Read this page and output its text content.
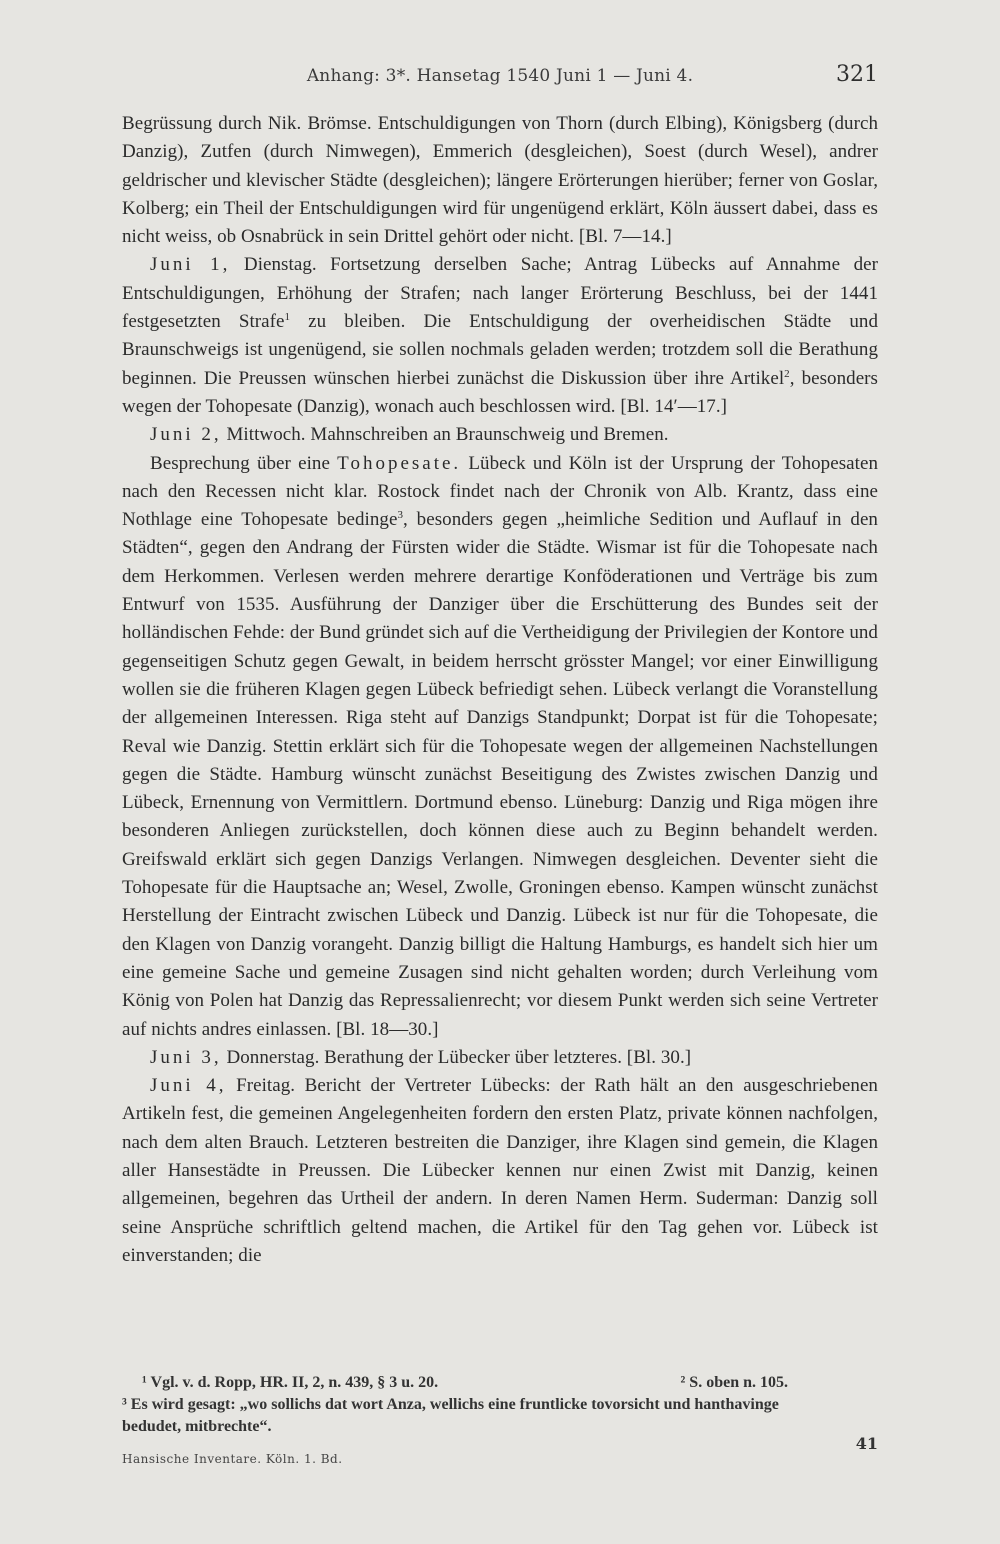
Anhang: 3*. Hansetag 1540 Juni 1 — Juni 4.	321

Begrüssung durch Nik. Brömse. Entschuldigungen von Thorn (durch Elbing), Königsberg (durch Danzig), Zutfen (durch Nimwegen), Emmerich (desgleichen), Soest (durch Wesel), andrer geldrischer und klevischer Städte (desgleichen); längere Erörterungen hierüber; ferner von Goslar, Kolberg; ein Theil der Entschuldigungen wird für ungenügend erklärt, Köln äussert dabei, dass es nicht weiss, ob Osnabrück in sein Drittel gehört oder nicht. [Bl. 7—14.]

Juni 1, Dienstag. Fortsetzung derselben Sache; Antrag Lübecks auf Annahme der Entschuldigungen, Erhöhung der Strafen; nach langer Erörterung Beschluss, bei der 1441 festgesetzten Strafe$^1$ zu bleiben. Die Entschuldigung der overheidischen Städte und Braunschweigs ist ungenügend, sie sollen nochmals geladen werden; trotzdem soll die Berathung beginnen. Die Preussen wünschen hierbei zunächst die Diskussion über ihre Artikel$^2$, besonders wegen der Tohopesate (Danzig), wonach auch beschlossen wird. [Bl. 14′—17.]

Juni 2, Mittwoch. Mahnschreiben an Braunschweig und Bremen.

Besprechung über eine Tohopesate. Lübeck und Köln ist der Ursprung der Tohopesaten nach den Recessen nicht klar. Rostock findet nach der Chronik von Alb. Krantz, dass eine Nothlage eine Tohopesate bedinge$^3$, besonders gegen „heimliche Sedition und Auflauf in den Städten“, gegen den Andrang der Fürsten wider die Städte. Wismar ist für die Tohopesate nach dem Herkommen. Verlesen werden mehrere derartige Konföderationen und Verträge bis zum Entwurf von 1535. Ausführung der Danziger über die Erschütterung des Bundes seit der holländischen Fehde: der Bund gründet sich auf die Vertheidigung der Privilegien der Kontore und gegenseitigen Schutz gegen Gewalt, in beidem herrscht grösster Mangel; vor einer Einwilligung wollen sie die früheren Klagen gegen Lübeck befriedigt sehen. Lübeck verlangt die Voranstellung der allgemeinen Interessen. Riga steht auf Danzigs Standpunkt; Dorpat ist für die Tohopesate; Reval wie Danzig. Stettin erklärt sich für die Tohopesate wegen der allgemeinen Nachstellungen gegen die Städte. Hamburg wünscht zunächst Beseitigung des Zwistes zwischen Danzig und Lübeck, Ernennung von Vermittlern. Dortmund ebenso. Lüneburg: Danzig und Riga mögen ihre besonderen Anliegen zurückstellen, doch können diese auch zu Beginn behandelt werden. Greifswald erklärt sich gegen Danzigs Verlangen. Nimwegen desgleichen. Deventer sieht die Tohopesate für die Hauptsache an; Wesel, Zwolle, Groningen ebenso. Kampen wünscht zunächst Herstellung der Eintracht zwischen Lübeck und Danzig. Lübeck ist nur für die Tohopesate, die den Klagen von Danzig vorangeht. Danzig billigt die Haltung Hamburgs, es handelt sich hier um eine gemeine Sache und gemeine Zusagen sind nicht gehalten worden; durch Verleihung vom König von Polen hat Danzig das Repressalienrecht; vor diesem Punkt werden sich seine Vertreter auf nichts andres einlassen. [Bl. 18—30.]

Juni 3, Donnerstag. Berathung der Lübecker über letzteres. [Bl. 30.]

Juni 4, Freitag. Bericht der Vertreter Lübecks: der Rath hält an den ausgeschriebenen Artikeln fest, die gemeinen Angelegenheiten fordern den ersten Platz, private können nachfolgen, nach dem alten Brauch. Letzteren bestreiten die Danziger, ihre Klagen sind gemein, die Klagen aller Hansestädte in Preussen. Die Lübecker kennen nur einen Zwist mit Danzig, keinen allgemeinen, begehren das Urtheil der andern. In deren Namen Herm. Suderman: Danzig soll seine Ansprüche schriftlich geltend machen, die Artikel für den Tag gehen vor. Lübeck ist einverstanden; die

¹ Vgl. v. d. Ropp, HR. II, 2, n. 439, § 3 u. 20.	² S. oben n. 105.
³ Es wird gesagt: „wo sollichs dat wort Anza, wellichs eine fruntlicke tovorsicht und hanthavinge
bedudet, mitbrechte“.
41
Hansische Inventare. Köln. 1. Bd.
